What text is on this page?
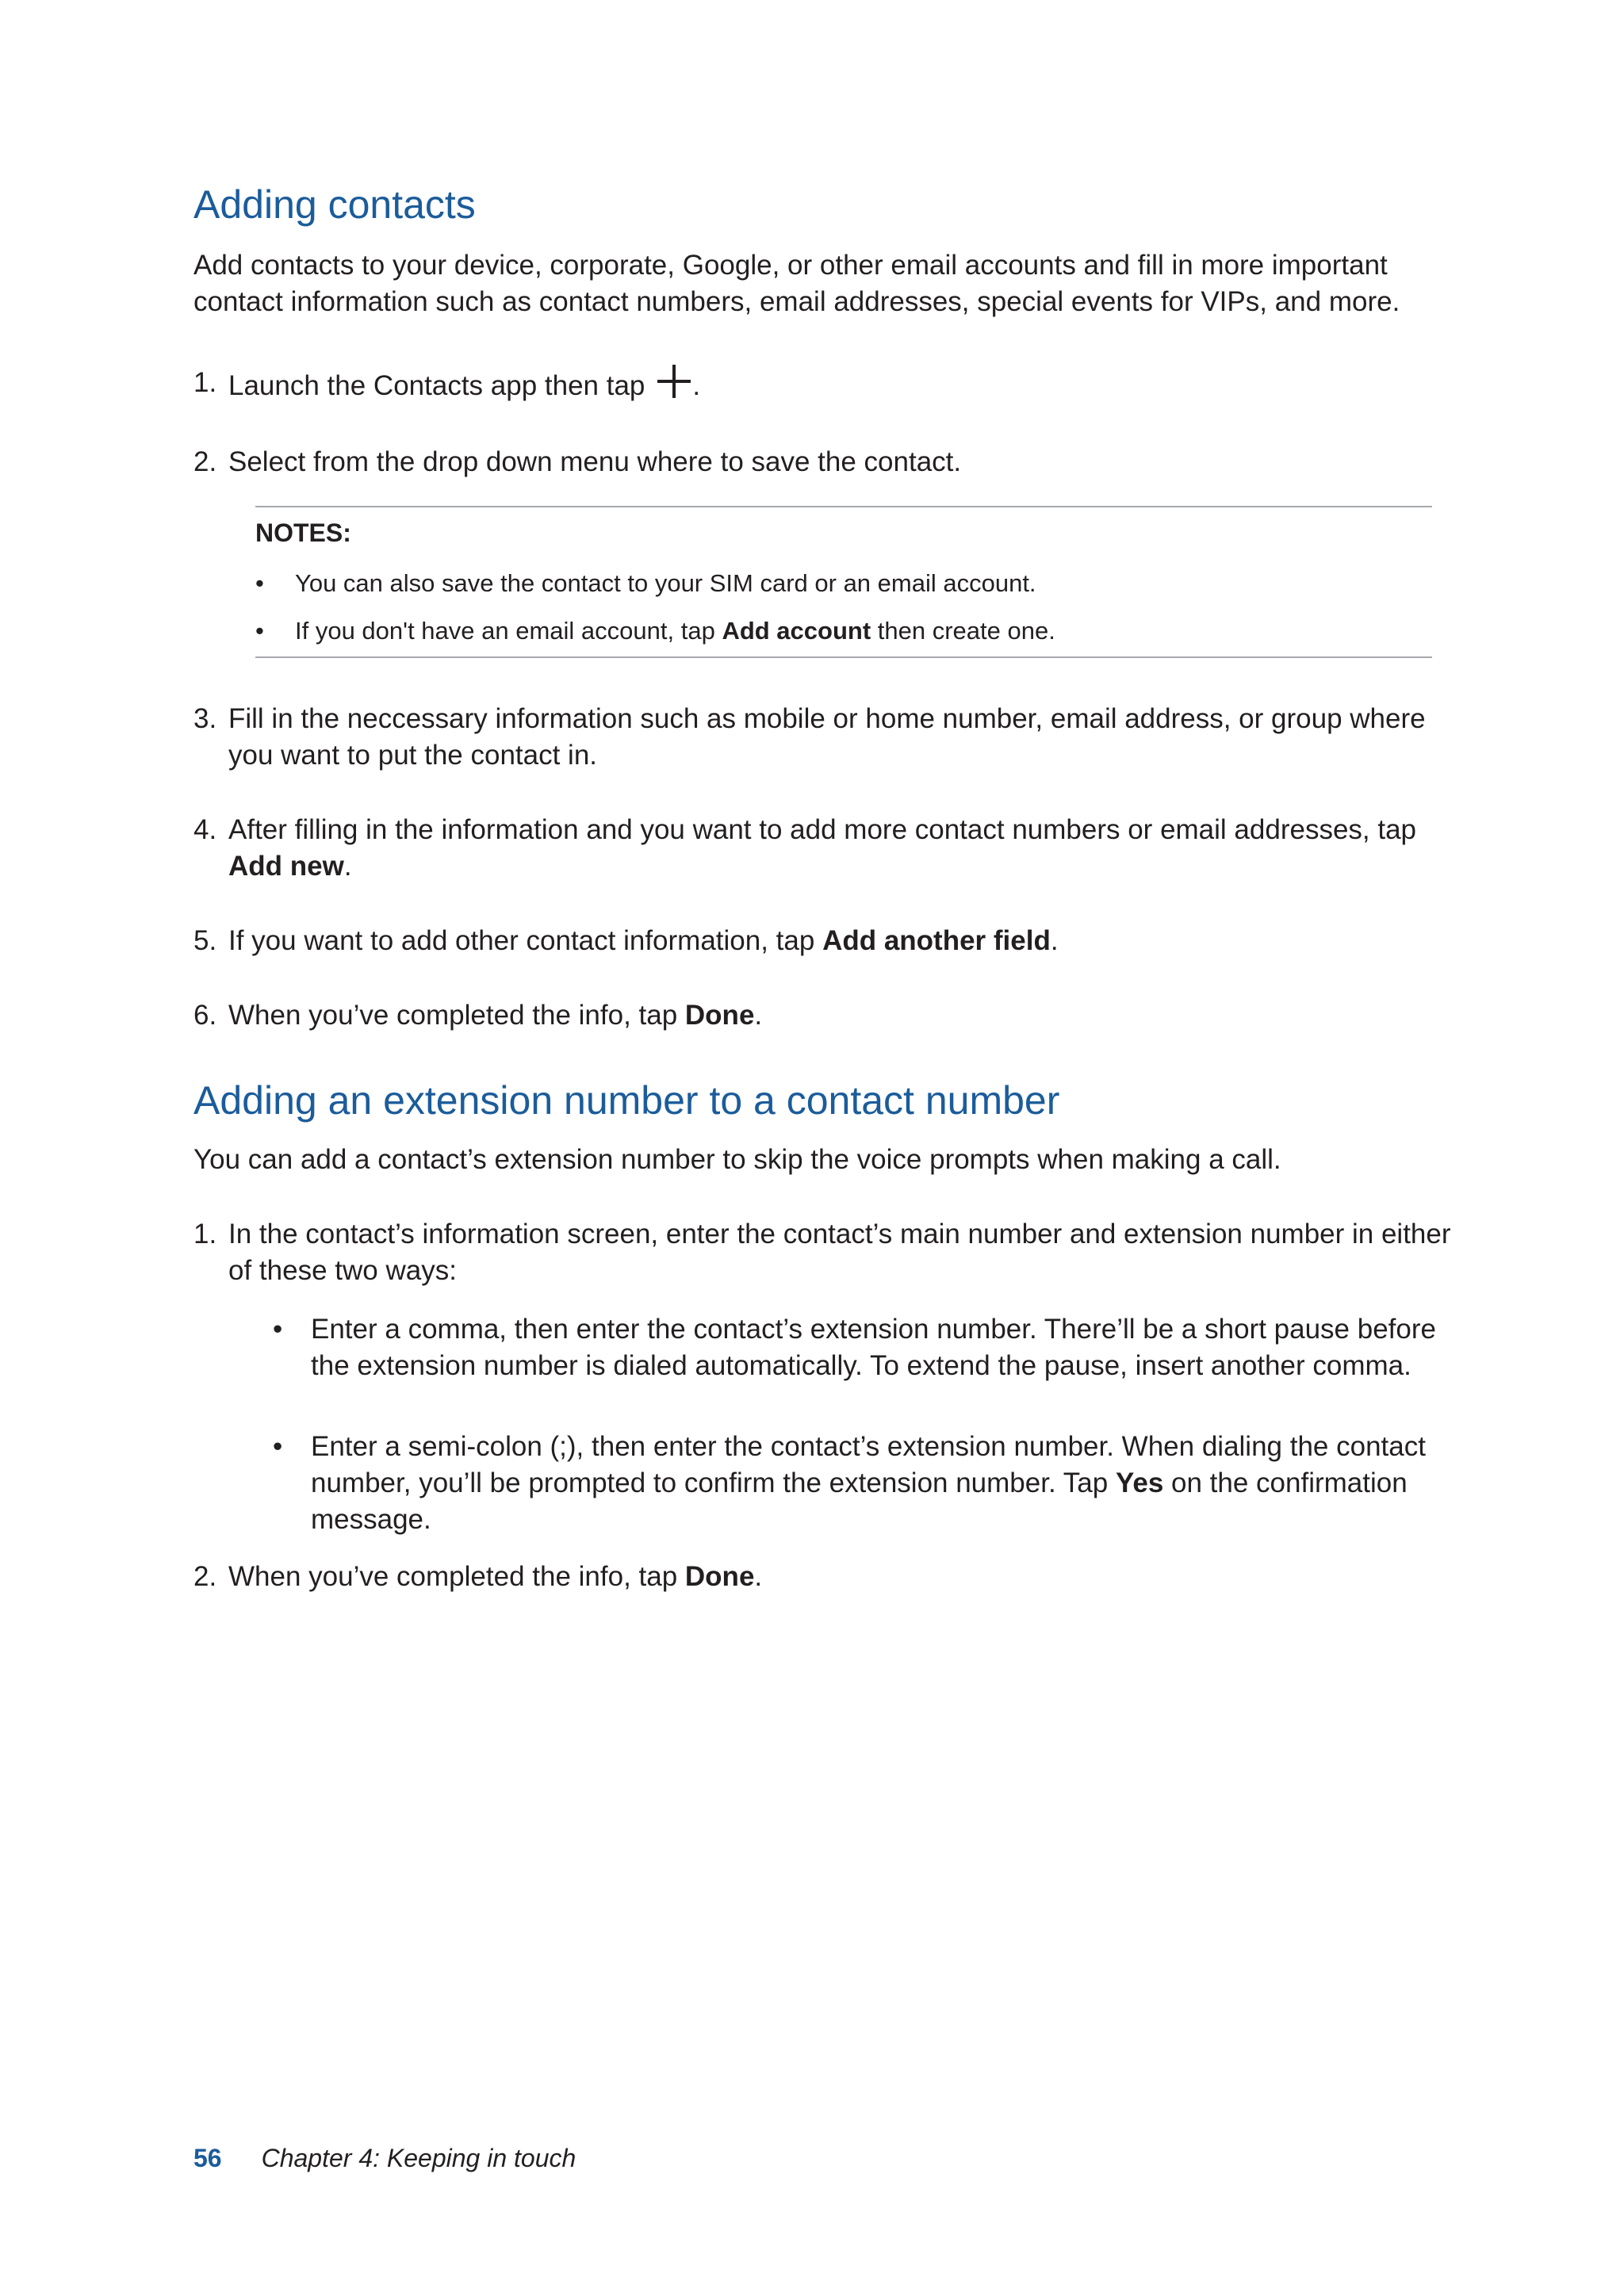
Adding contacts

Add contacts to your device, corporate, Google, or other email accounts and fill in more important contact information such as contact numbers, email addresses, special events for VIPs, and more.

1. Launch the Contacts app then tap .
2. Select from the drop down menu where to save the contact.
NOTES:
• You can also save the contact to your SIM card or an email account.
• If you don't have an email account, tap Add account then create one.
3. Fill in the neccessary information such as mobile or home number, email address, or group where you want to put the contact in.
4. After filling in the information and you want to add more contact numbers or email addresses, tap Add new.
5. If you want to add other contact information, tap Add another field.
6. When you’ve completed the info, tap Done.
Adding an extension number to a contact number

You can add a contact’s extension number to skip the voice prompts when making a call.

1. In the contact’s information screen, enter the contact’s main number and extension number in either of these two ways:
• Enter a comma, then enter the contact’s extension number. There’ll be a short pause before the extension number is dialed automatically. To extend the pause, insert another comma.
• Enter a semi-colon (;), then enter the contact’s extension number. When dialing the contact number, you’ll be prompted to confirm the extension number. Tap Yes on the confirmation message.
2. When you’ve completed the info, tap Done.
56 Chapter 4: Keeping in touch
